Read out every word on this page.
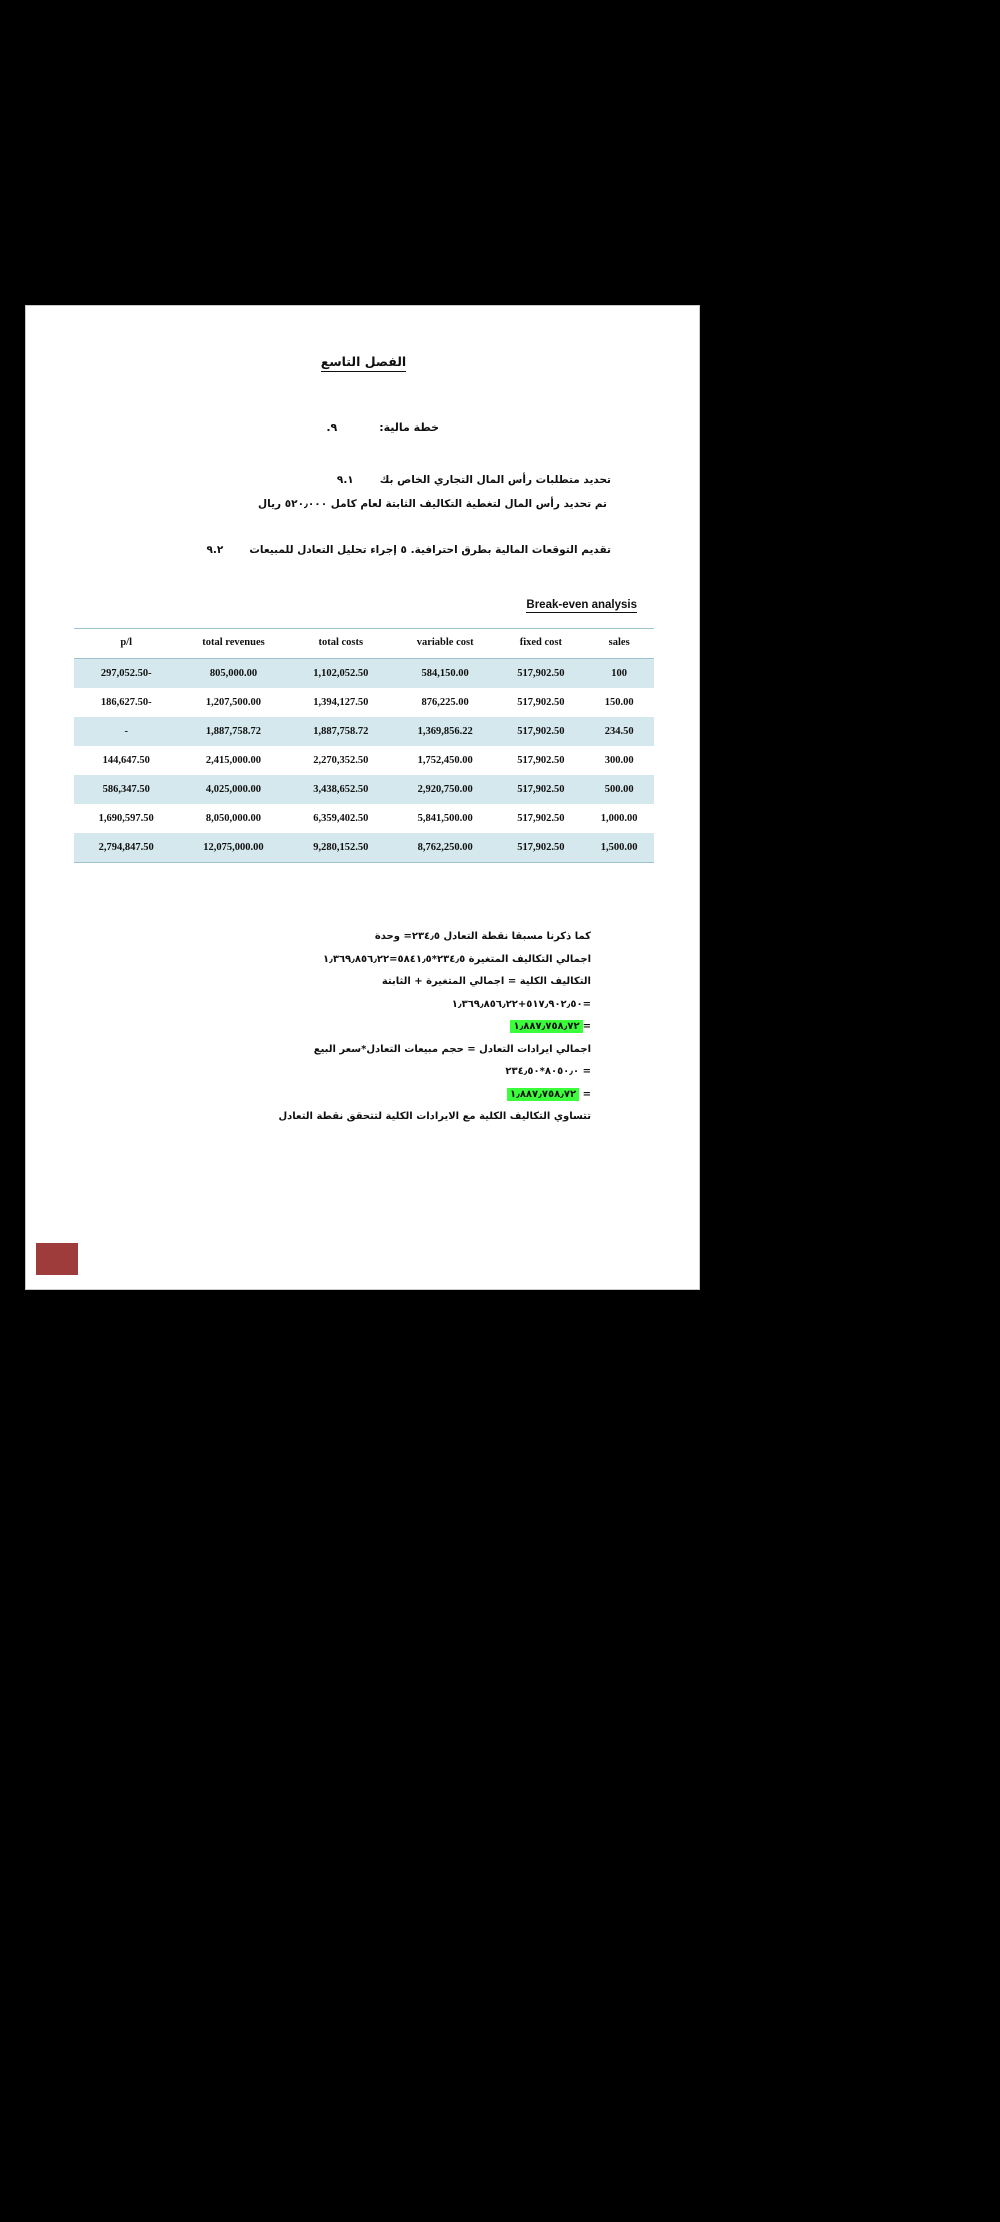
الفصل التاسع
خطة مالية:
٩.
تحديد متطلبات رأس المال التجاري الخاص بك
٩.١
تم تحديد رأس المال لتغطية التكاليف الثابتة لعام كامل ٥٢٠٫٠٠٠ ريال
تقديم التوقعات المالية بطرق احترافية. ٥ إجراء تحليل التعادل للمبيعات
٩.٢
Break-even analysis
p/l	total revenues	total costs	variable cost	fixed cost	sales
297,052.50-	805,000.00	1,102,052.50	584,150.00	517,902.50	100
186,627.50-	1,207,500.00	1,394,127.50	876,225.00	517,902.50	150.00
-	1,887,758.72	1,887,758.72	1,369,856.22	517,902.50	234.50
144,647.50	2,415,000.00	2,270,352.50	1,752,450.00	517,902.50	300.00
586,347.50	4,025,000.00	3,438,652.50	2,920,750.00	517,902.50	500.00
1,690,597.50	8,050,000.00	6,359,402.50	5,841,500.00	517,902.50	1,000.00
2,794,847.50	12,075,000.00	9,280,152.50	8,762,250.00	517,902.50	1,500.00
كما ذكرنا مسبقا نقطة التعادل ٢٣٤٫٥= وحدة
اجمالي التكاليف المتغيرة ٢٣٤٫٥*٥٨٤١٫٥=١٫٣٦٩٫٨٥٦٫٢٢
التكاليف الكلية = اجمالي المتغيرة + الثابتة
=٥١٧٫٩٠٢٫٥٠+١٫٣٦٩٫٨٥٦٫٢٢
=١٫٨٨٧٫٧٥٨٫٧٢
اجمالي ايرادات التعادل = حجم مبيعات التعادل*سعر البيع
= ٨٠٥٠٫٠*٢٣٤٫٥٠
= ١٫٨٨٧٫٧٥٨٫٧٢
تتساوي التكاليف الكلية مع الايرادات الكلية لتتحقق نقطة التعادل
